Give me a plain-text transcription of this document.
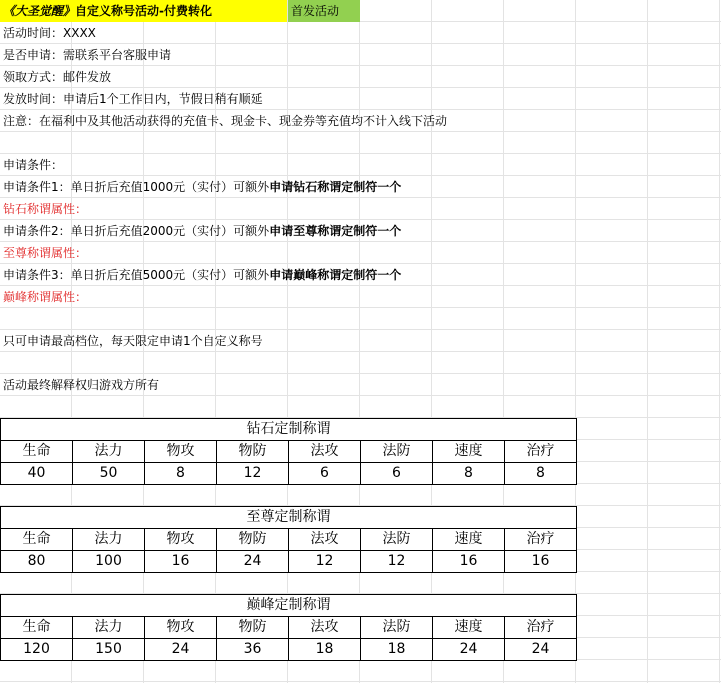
《大圣觉醒》自定义称号活动-付费转化	首发活动
活动时间：XXXX
是否申请：需联系平台客服申请
领取方式：邮件发放
发放时间：申请后1个工作日内，节假日稍有顺延
注意：在福利中及其他活动获得的充值卡、现金卡、现金券等充值均不计入线下活动
申请条件：
申请条件1：单日折后充值1000元（实付）可额外申请钻石称谓定制符一个
钻石称谓属性：
申请条件2：单日折后充值2000元（实付）可额外申请至尊称谓定制符一个
至尊称谓属性：
申请条件3：单日折后充值5000元（实付）可额外申请巅峰称谓定制符一个
巅峰称谓属性：
只可申请最高档位，每天限定申请1个自定义称号
活动最终解释权归游戏方所有
钻石定制称谓							
生命	法力	物攻	物防	法攻	法防	速度	治疗
40	50	8	12	6	6	8	8
至尊定制称谓							
生命	法力	物攻	物防	法攻	法防	速度	治疗
80	100	16	24	12	12	16	16
巅峰定制称谓							
生命	法力	物攻	物防	法攻	法防	速度	治疗
120	150	24	36	18	18	24	24
